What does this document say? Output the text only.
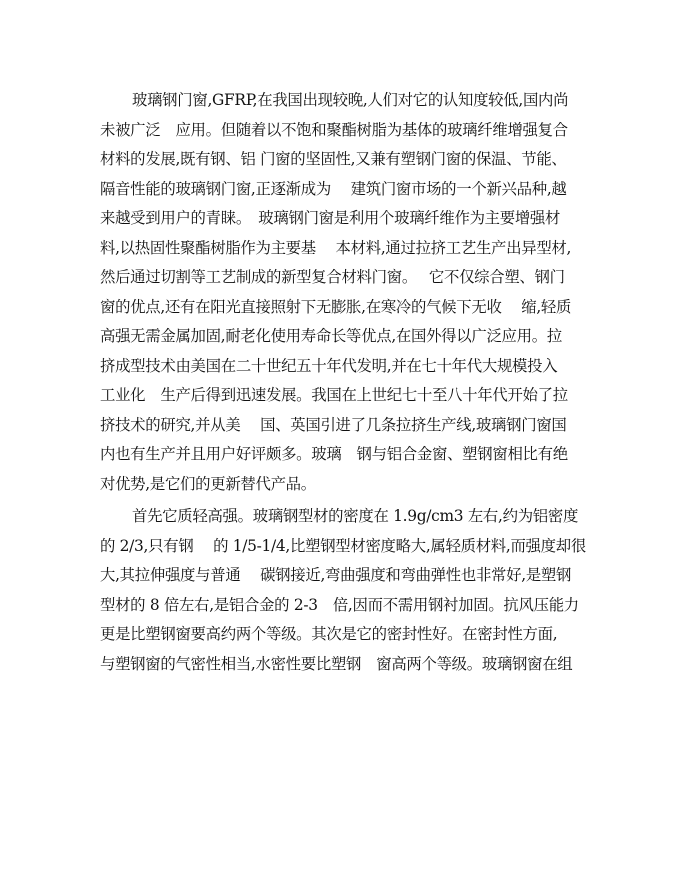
玻璃钢门窗,GFRP,在我国出现较晚,人们对它的认知度较低,国内尚
未被广泛　应用。但随着以不饱和聚酯树脂为基体的玻璃纤维增强复合
材料的发展,既有钢、铝 门窗的坚固性,又兼有塑钢门窗的保温、节能、
隔音性能的玻璃钢门窗,正逐渐成为　 建筑门窗市场的一个新兴品种,越
来越受到用户的青睐。　玻璃钢门窗是利用个玻璃纤维作为主要增强材
料,以热固性聚酯树脂作为主要基　 本材料,通过拉挤工艺生产出异型材,
然后通过切割等工艺制成的新型复合材料门窗。　 它不仅综合塑、钢门
窗的优点,还有在阳光直接照射下无膨胀,在寒冷的气候下无收　 缩,轻质
高强无需金属加固,耐老化使用寿命长等优点,在国外得以广泛应用。拉
挤成型技术由美国在二十世纪五十年代发明,并在七十年代大规模投入
工业化　生产后得到迅速发展。我国在上世纪七十至八十年代开始了拉
挤技术的研究,并从美　 国、英国引进了几条拉挤生产线,玻璃钢门窗国
内也有生产并且用户好评颇多。玻璃　钢与铝合金窗、塑钢窗相比有绝
对优势,是它们的更新替代产品。
首先它质轻高强。玻璃钢型材的密度在 1.9g/cm3 左右,约为铝密度
的 2/3,只有钢　 的 1/5-1/4,比塑钢型材密度略大,属轻质材料,而强度却很
大,其拉伸强度与普通　 碳钢接近,弯曲强度和弯曲弹性也非常好,是塑钢
型材的 8 倍左右,是铝合金的 2-3　倍,因而不需用钢衬加固。抗风压能力
更是比塑钢窗要高约两个等级。其次是它的密封性好。在密封性方面,
与塑钢窗的气密性相当,水密性要比塑钢　窗高两个等级。玻璃钢窗在组
